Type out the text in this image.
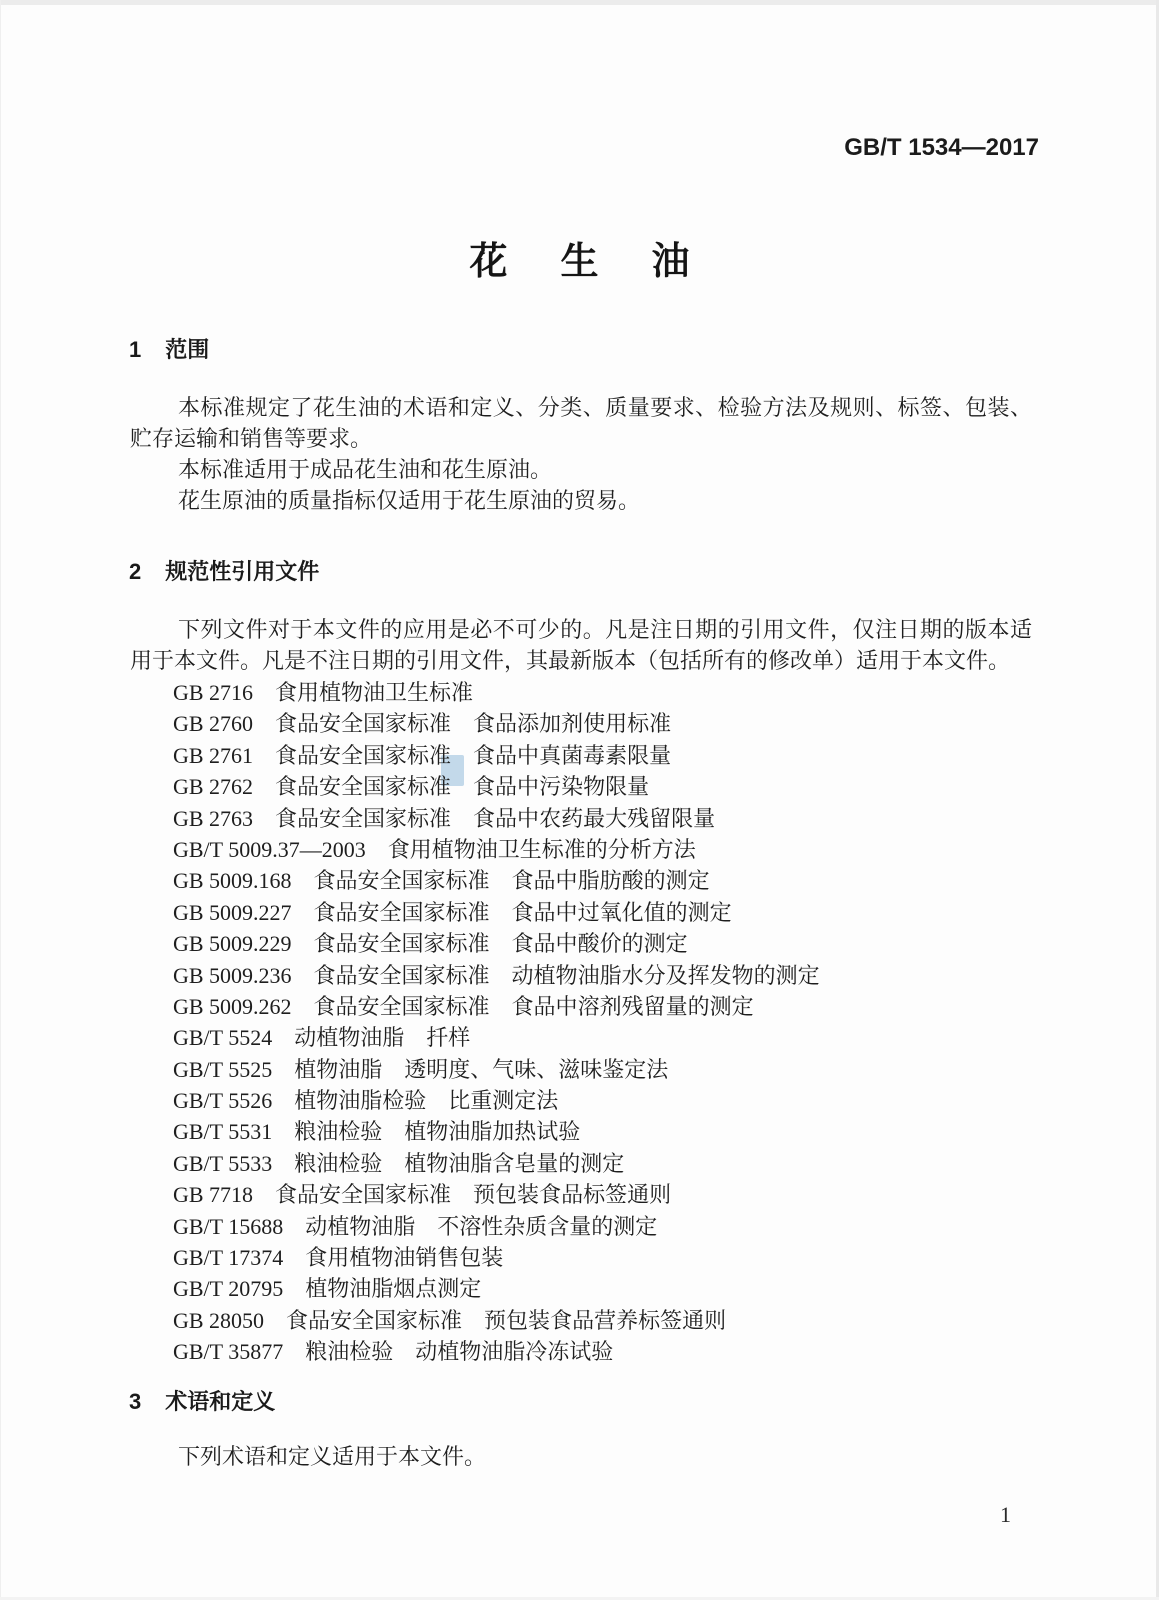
GB/T 1534—2017
花生油
1 范围

本标准规定了花生油的术语和定义、分类、质量要求、检验方法及规则、标签、包装、贮存运输和销售等要求。

本标准适用于成品花生油和花生原油。

花生原油的质量指标仅适用于花生原油的贸易。

2 规范性引用文件

下列文件对于本文件的应用是必不可少的。凡是注日期的引用文件，仅注日期的版本适用于本文件。凡是不注日期的引用文件，其最新版本（包括所有的修改单）适用于本文件。

GB 2716　食用植物油卫生标准
GB 2760　食品安全国家标准　食品添加剂使用标准
GB 2761　食品安全国家标准　食品中真菌毒素限量
GB 2762　食品安全国家标准　食品中污染物限量
GB 2763　食品安全国家标准　食品中农药最大残留限量
GB/T 5009.37—2003　食用植物油卫生标准的分析方法
GB 5009.168　食品安全国家标准　食品中脂肪酸的测定
GB 5009.227　食品安全国家标准　食品中过氧化值的测定
GB 5009.229　食品安全国家标准　食品中酸价的测定
GB 5009.236　食品安全国家标准　动植物油脂水分及挥发物的测定
GB 5009.262　食品安全国家标准　食品中溶剂残留量的测定
GB/T 5524　动植物油脂　扦样
GB/T 5525　植物油脂　透明度、气味、滋味鉴定法
GB/T 5526　植物油脂检验　比重测定法
GB/T 5531　粮油检验　植物油脂加热试验
GB/T 5533　粮油检验　植物油脂含皂量的测定
GB 7718　食品安全国家标准　预包装食品标签通则
GB/T 15688　动植物油脂　不溶性杂质含量的测定
GB/T 17374　食用植物油销售包装
GB/T 20795　植物油脂烟点测定
GB 28050　食品安全国家标准　预包装食品营养标签通则
GB/T 35877　粮油检验　动植物油脂冷冻试验
3 术语和定义

下列术语和定义适用于本文件。

1
